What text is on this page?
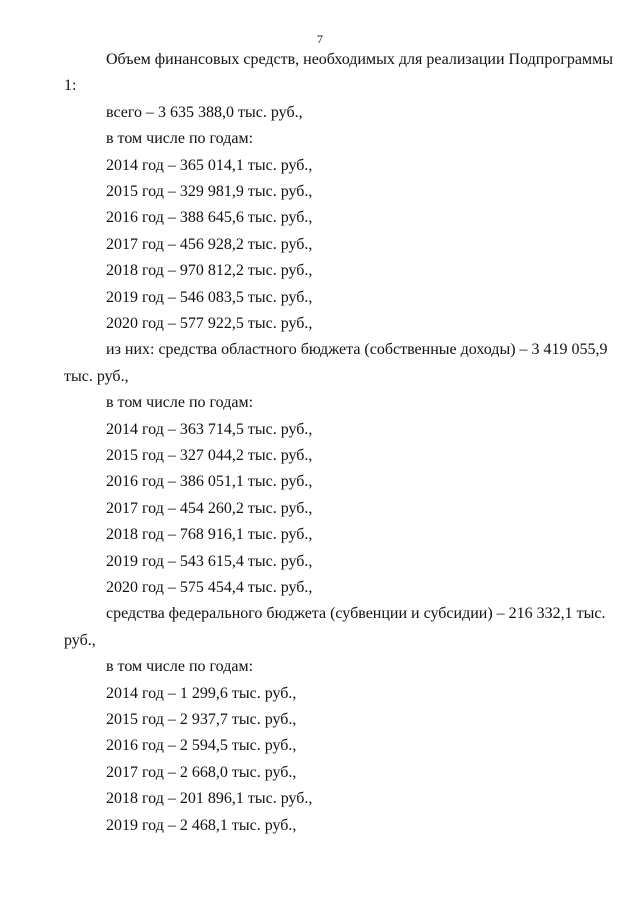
7
Объем финансовых средств, необходимых для реализации Подпрограммы
1:
всего – 3 635 388,0 тыс. руб.,
в том числе по годам:
2014 год – 365 014,1 тыс. руб.,
2015 год – 329 981,9 тыс. руб.,
2016 год – 388 645,6 тыс. руб.,
2017 год – 456 928,2 тыс. руб.,
2018 год – 970 812,2 тыс. руб.,
2019 год – 546 083,5 тыс. руб.,
2020 год – 577 922,5 тыс. руб.,
из них: средства областного бюджета (собственные доходы) – 3 419 055,9
тыс. руб.,
в том числе по годам:
2014 год – 363 714,5 тыс. руб.,
2015 год – 327 044,2 тыс. руб.,
2016 год – 386 051,1 тыс. руб.,
2017 год – 454 260,2 тыс. руб.,
2018 год – 768 916,1 тыс. руб.,
2019 год – 543 615,4 тыс. руб.,
2020 год – 575 454,4 тыс. руб.,
средства федерального бюджета (субвенции и субсидии) – 216 332,1 тыс.
руб.,
в том числе по годам:
2014 год – 1 299,6 тыс. руб.,
2015 год – 2 937,7 тыс. руб.,
2016 год – 2 594,5 тыс. руб.,
2017 год – 2 668,0 тыс. руб.,
2018 год – 201 896,1 тыс. руб.,
2019 год – 2 468,1 тыс. руб.,
